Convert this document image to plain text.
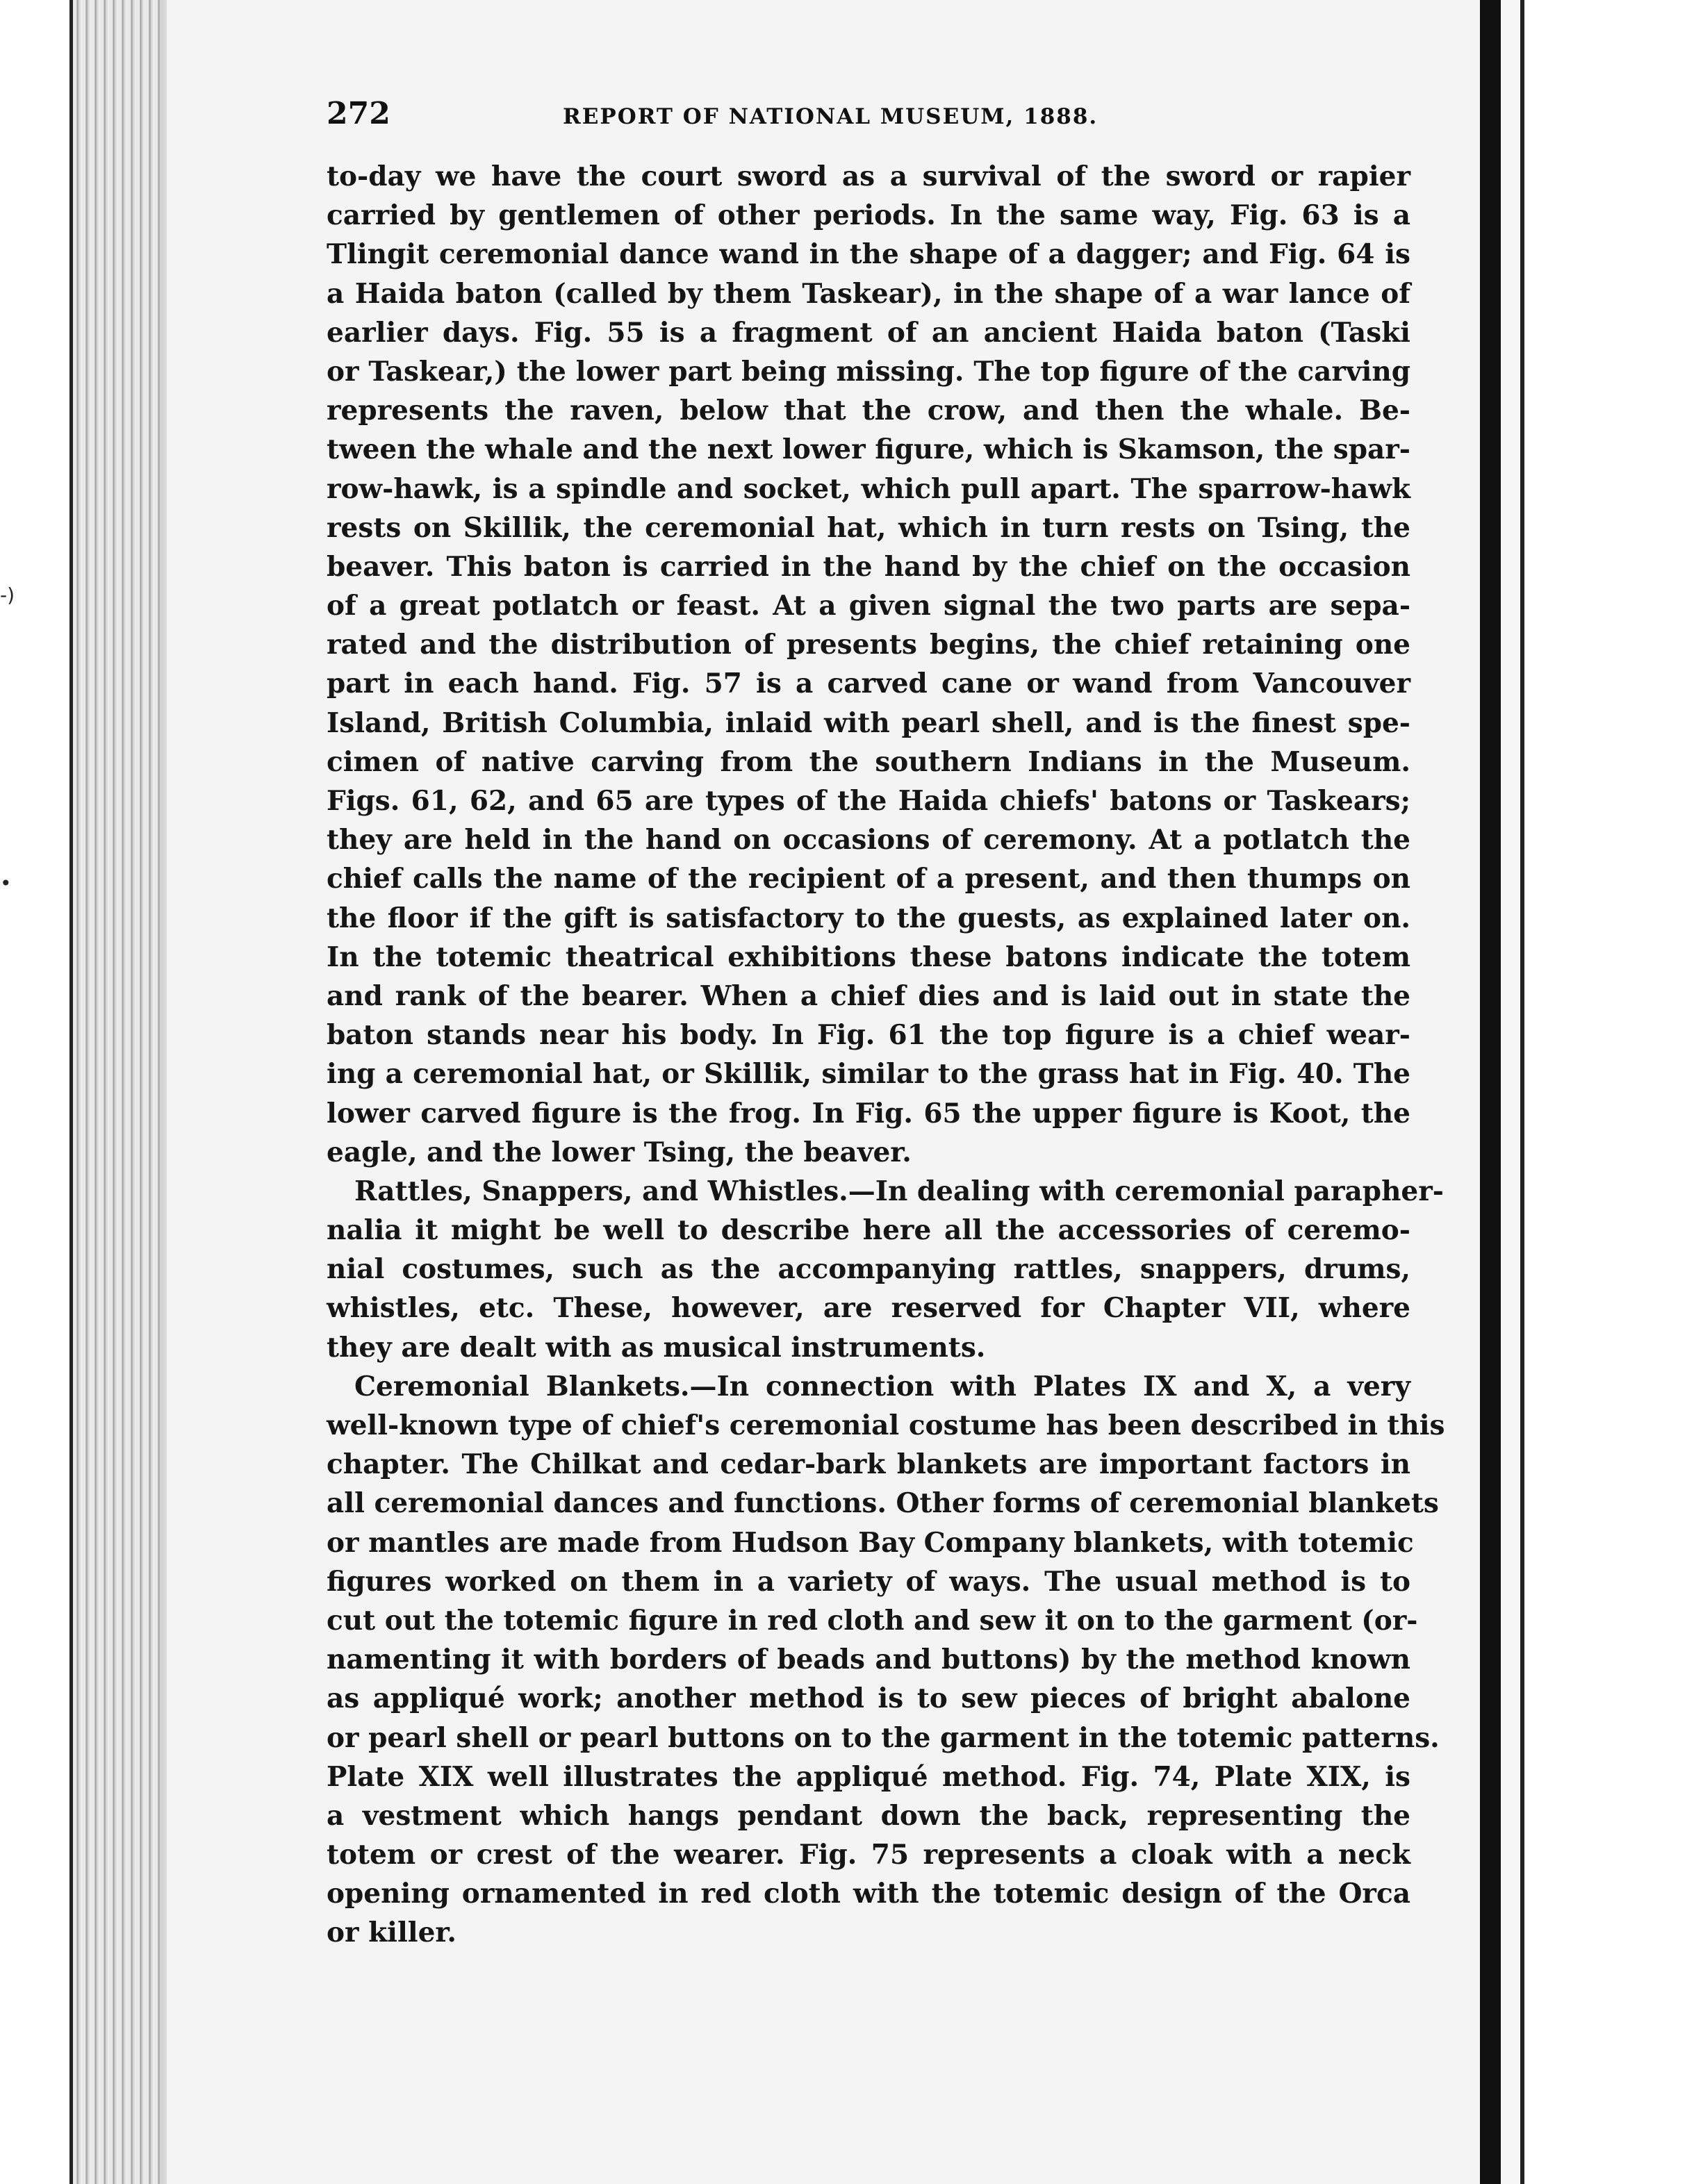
-)
•
272	REPORT OF NATIONAL MUSEUM, 1888.
to-day we have the court sword as a survival of the sword or rapier
carried by gentlemen of other periods. In the same way, Fig. 63 is a
Tlingit ceremonial dance wand in the shape of a dagger; and Fig. 64 is
a Haida baton (called by them Taskear), in the shape of a war lance of
earlier days. Fig. 55 is a fragment of an ancient Haida baton (Taski
or Taskear,) the lower part being missing. The top figure of the carving
represents the raven, below that the crow, and then the whale. Be-
tween the whale and the next lower figure, which is Skamson, the spar-
row-hawk, is a spindle and socket, which pull apart. The sparrow-hawk
rests on Skillik, the ceremonial hat, which in turn rests on Tsing, the
beaver. This baton is carried in the hand by the chief on the occasion
of a great potlatch or feast. At a given signal the two parts are sepa-
rated and the distribution of presents begins, the chief retaining one
part in each hand. Fig. 57 is a carved cane or wand from Vancouver
Island, British Columbia, inlaid with pearl shell, and is the finest spe-
cimen of native carving from the southern Indians in the Museum.
Figs. 61, 62, and 65 are types of the Haida chiefs' batons or Taskears;
they are held in the hand on occasions of ceremony. At a potlatch the
chief calls the name of the recipient of a present, and then thumps on
the floor if the gift is satisfactory to the guests, as explained later on.
In the totemic theatrical exhibitions these batons indicate the totem
and rank of the bearer. When a chief dies and is laid out in state the
baton stands near his body. In Fig. 61 the top figure is a chief wear-
ing a ceremonial hat, or Skillik, similar to the grass hat in Fig. 40. The
lower carved figure is the frog. In Fig. 65 the upper figure is Koot, the
eagle, and the lower Tsing, the beaver.
Rattles, Snappers, and Whistles.—In dealing with ceremonial parapher-
nalia it might be well to describe here all the accessories of ceremo-
nial costumes, such as the accompanying rattles, snappers, drums,
whistles, etc. These, however, are reserved for Chapter VII, where
they are dealt with as musical instruments.
Ceremonial Blankets.—In connection with Plates IX and X, a very
well-known type of chief's ceremonial costume has been described in this
chapter. The Chilkat and cedar-bark blankets are important factors in
all ceremonial dances and functions. Other forms of ceremonial blankets
or mantles are made from Hudson Bay Company blankets, with totemic
figures worked on them in a variety of ways. The usual method is to
cut out the totemic figure in red cloth and sew it on to the garment (or-
namenting it with borders of beads and buttons) by the method known
as appliqué work; another method is to sew pieces of bright abalone
or pearl shell or pearl buttons on to the garment in the totemic patterns.
Plate XIX well illustrates the appliqué method. Fig. 74, Plate XIX, is
a vestment which hangs pendant down the back, representing the
totem or crest of the wearer. Fig. 75 represents a cloak with a neck
opening ornamented in red cloth with the totemic design of the Orca
or killer.
